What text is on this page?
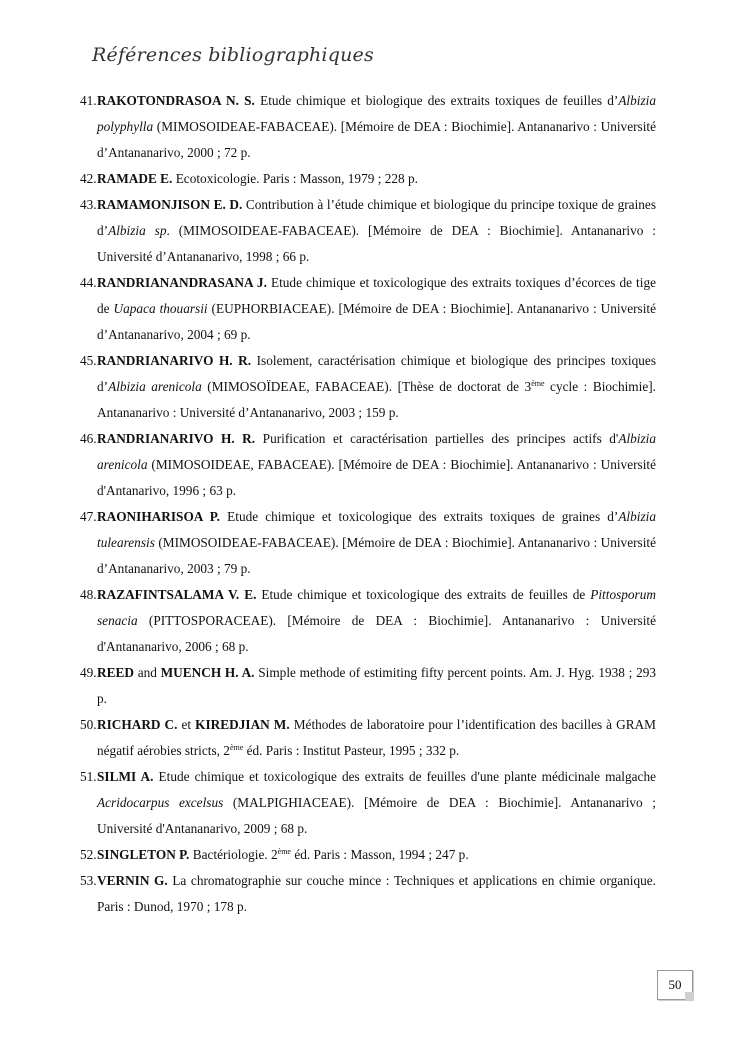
Références bibliographiques
41. RAKOTONDRASOA N. S. Etude chimique et biologique des extraits toxiques de feuilles d’Albizia polyphylla (MIMOSOIDEAE-FABACEAE). [Mémoire de DEA : Biochimie]. Antananarivo : Université d’Antananarivo, 2000 ; 72 p.
42. RAMADE E. Ecotoxicologie. Paris : Masson, 1979 ; 228 p.
43. RAMAMONJISON E. D. Contribution à l’étude chimique et biologique du principe toxique de graines d’Albizia sp. (MIMOSOIDEAE-FABACEAE). [Mémoire de DEA : Biochimie]. Antananarivo : Université d’Antananarivo, 1998 ; 66 p.
44. RANDRIANANDRASANA J. Etude chimique et toxicologique des extraits toxiques d’écorces de tige de Uapaca thouarsii (EUPHORBIACEAE). [Mémoire de DEA : Biochimie]. Antananarivo : Université d’Antananarivo, 2004 ; 69 p.
45. RANDRIANARIVO H. R. Isolement, caractérisation chimique et biologique des principes toxiques d’Albizia arenicola (MIMOSOÏDEAE, FABACEAE). [Thèse de doctorat de 3ème cycle : Biochimie]. Antananarivo : Université d’Antananarivo, 2003 ; 159 p.
46. RANDRIANARIVO H. R. Purification et caractérisation partielles des principes actifs d'Albizia arenicola (MIMOSOIDEAE, FABACEAE). [Mémoire de DEA : Biochimie]. Antananarivo : Université d'Antanarivo, 1996 ; 63 p.
47. RAONIHARISOA P. Etude chimique et toxicologique des extraits toxiques de graines d’Albizia tulearensis (MIMOSOIDEAE-FABACEAE). [Mémoire de DEA : Biochimie]. Antananarivo : Université d’Antananarivo, 2003 ; 79 p.
48. RAZAFINTSALAMA V. E. Etude chimique et toxicologique des extraits de feuilles de Pittosporum senacia (PITTOSPORACEAE). [Mémoire de DEA : Biochimie]. Antananarivo : Université d'Antananarivo, 2006 ; 68 p.
49. REED and MUENCH H. A. Simple methode of estimiting fifty percent points. Am. J. Hyg. 1938 ; 293 p.
50. RICHARD C. et KIREDJIAN M. Méthodes de laboratoire pour l’identification des bacilles à GRAM négatif aérobies stricts, 2ème éd. Paris : Institut Pasteur, 1995 ; 332 p.
51. SILMI A. Etude chimique et toxicologique des extraits de feuilles d'une plante médicinale malgache Acridocarpus excelsus (MALPIGHIACEAE). [Mémoire de DEA : Biochimie]. Antananarivo ; Université d'Antananarivo, 2009 ; 68 p.
52. SINGLETON P. Bactériologie. 2ème éd. Paris : Masson, 1994 ; 247 p.
53. VERNIN G. La chromatographie sur couche mince : Techniques et applications en chimie organique. Paris : Dunod, 1970 ; 178 p.
50
